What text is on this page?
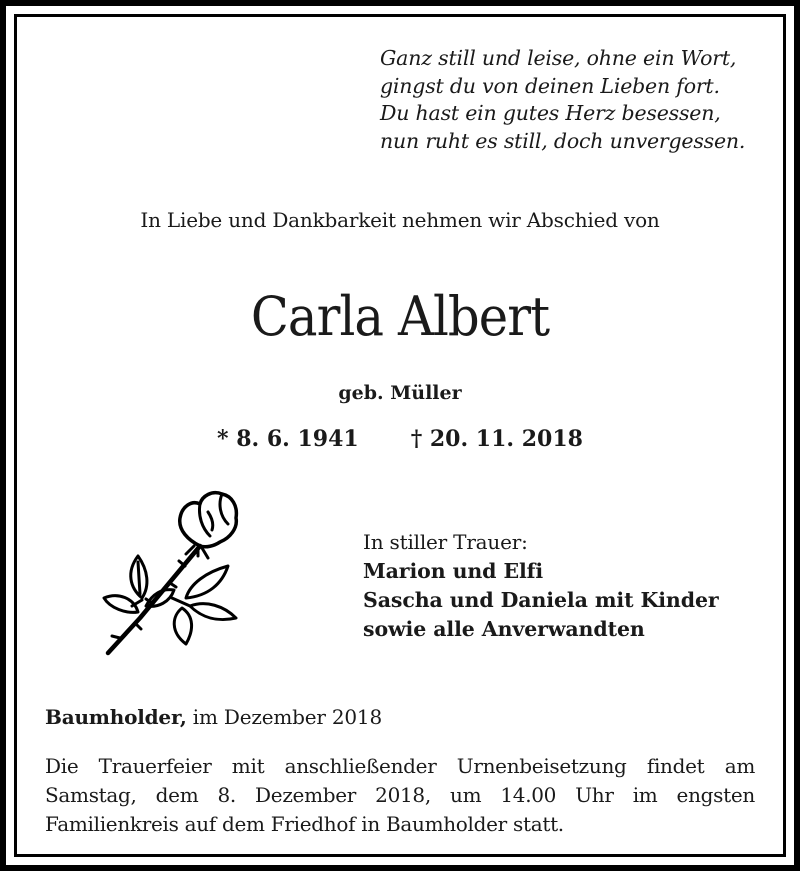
Ganz still und leise, ohne ein Wort,
gingst du von deinen Lieben fort.
Du hast ein gutes Herz besessen,
nun ruht es still, doch unvergessen.
In Liebe und Dankbarkeit nehmen wir Abschied von
Carla Albert
geb. Müller
* 8. 6. 1941 † 20. 11. 2018
In stiller Trauer:
Marion und Elfi
Sascha und Daniela mit Kinder
sowie alle Anverwandten
Baumholder, im Dezember 2018
Die Trauerfeier mit anschließender Urnenbeisetzung findet am Samstag, dem 8. Dezember 2018, um 14.00 Uhr im engsten Familienkreis auf dem Friedhof in Baumholder statt.
